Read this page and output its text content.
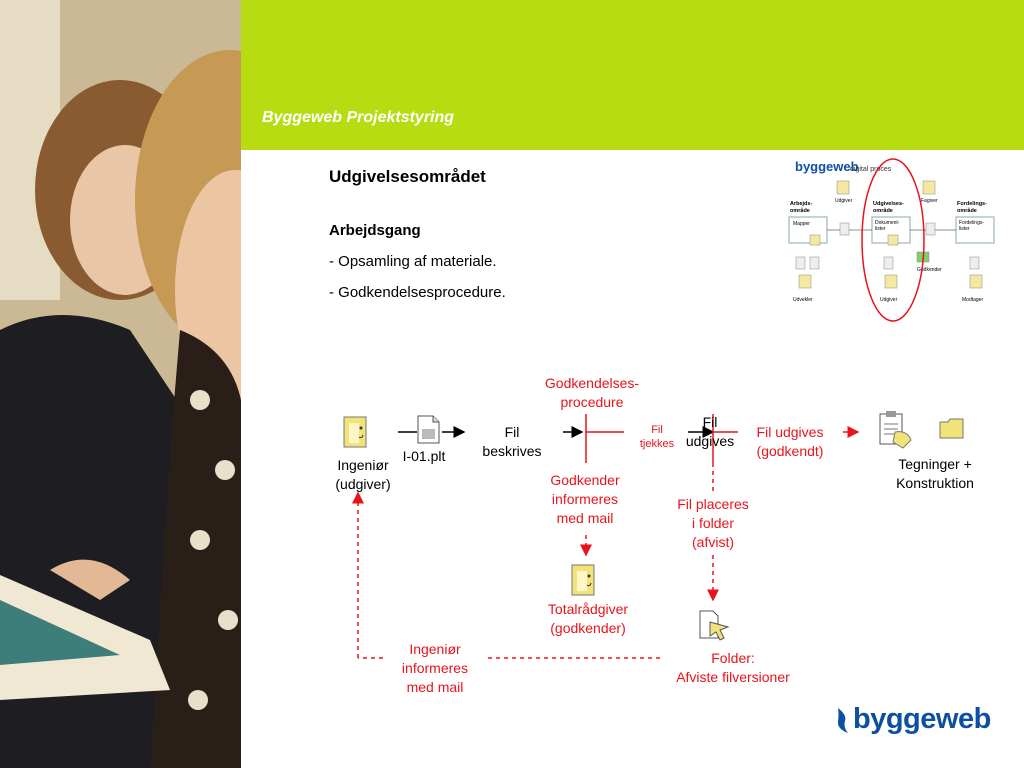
Byggeweb Projektstyring
Udgivelsesområdet
Arbejdsgang
- Opsamling af materiale.
- Godkendelsesprocedure.
byggeweb
digital proces
Arbejds-
område
Udgivelses-
område
Fordelings-
område
Mapper	Dokument-
lister
Fordelings-
lister
Udgiver	Fagiver
Godkender
Udvekler	Udgiver	Modtager
Ingeniør
(udgiver)
I-01.plt
Fil
beskrives
Godkendelses-
procedure
Fil
tjekkes
Fil
udgives
Fil udgives
(godkendt)
Tegninger +
Konstruktion
Godkender
informeres
med mail
Totalrådgiver
(godkender)
Fil placeres
i folder
(afvist)
Ingeniør
informeres
med mail
Folder:
Afviste filversioner
byggeweb
